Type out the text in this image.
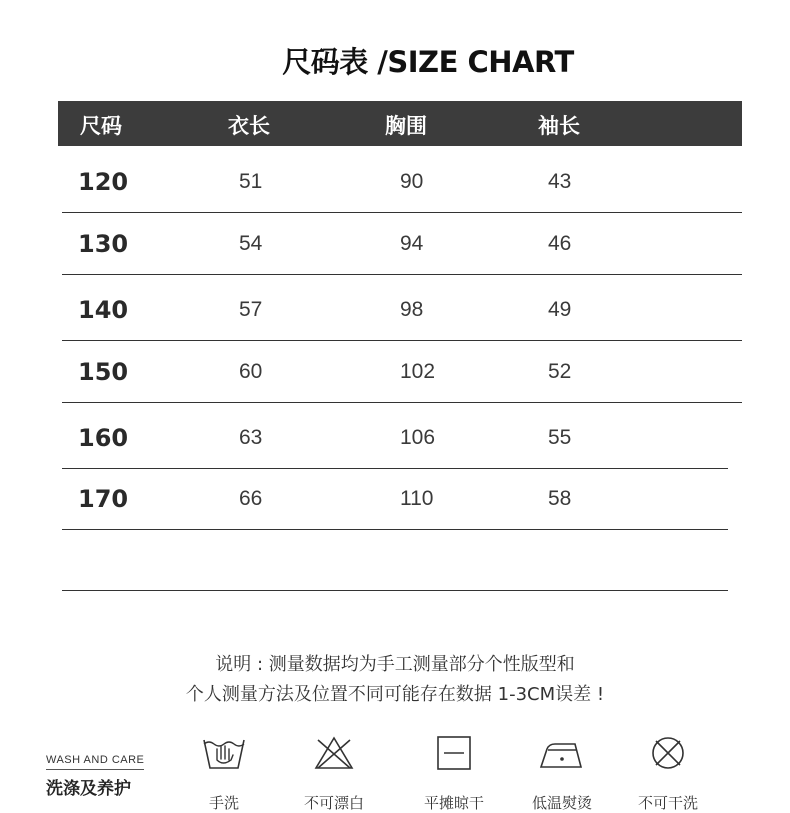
尺码表 /SIZE CHART
尺码	衣长	胸围	袖长
120	51	90	43
130	54	94	46
140	57	98	49
150	60	102	52
160	63	106	55
170	66	110	58
说明 : 测量数据均为手工测量部分个性版型和
个人测量方法及位置不同可能存在数据 1-3CM误差 !
WASH AND CARE
洗涤及养护
手洗	不可漂白	平摊晾干	低温熨烫	不可干洗
